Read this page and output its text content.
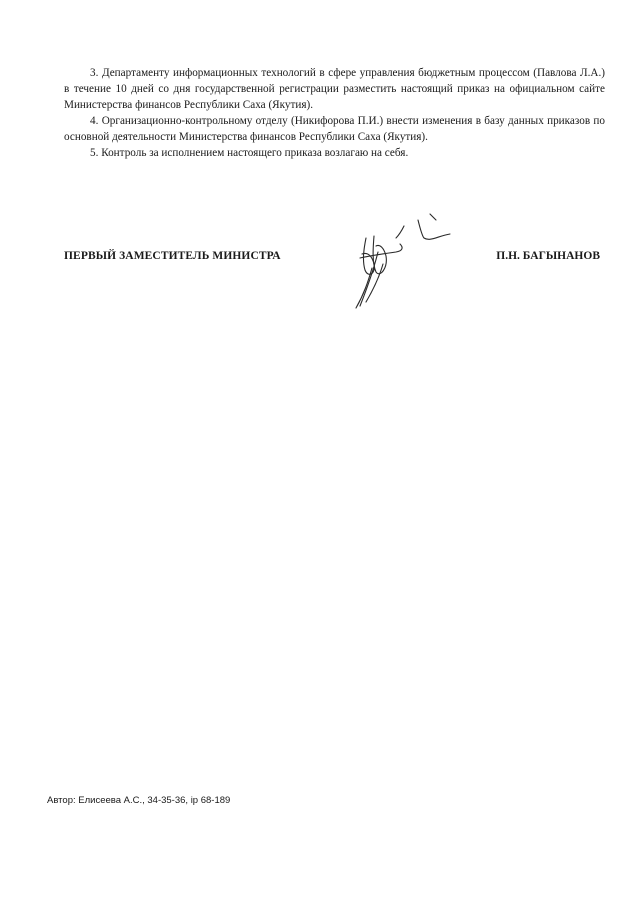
3. Департаменту информационных технологий в сфере управления бюджетным процессом (Павлова Л.А.) в течение 10 дней со дня государственной регистрации разместить настоящий приказ на официальном сайте Министерства финансов Республики Саха (Якутия).

4. Организационно-контрольному отделу (Никифорова П.И.) внести изменения в базу данных приказов по основной деятельности Министерства финансов Республики Саха (Якутия).

5. Контроль за исполнением настоящего приказа возлагаю на себя.

ПЕРВЫЙ ЗАМЕСТИТЕЛЬ МИНИСТРА	П.Н. БАГЫНАНОВ
Автор: Елисеева А.С., 34-35-36, ip 68-189
